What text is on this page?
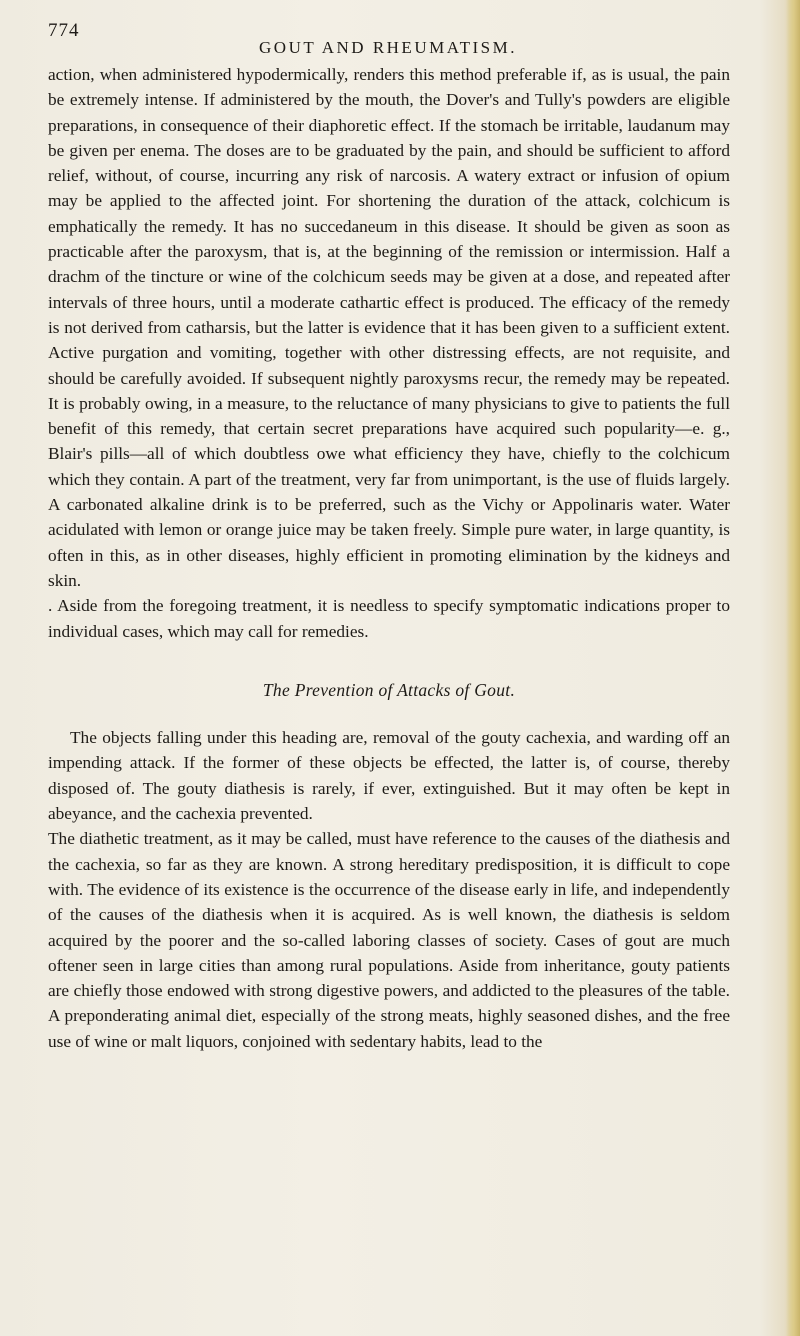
774
GOUT AND RHEUMATISM.

action, when administered hypodermically, renders this method preferable if, as is usual, the pain be extremely intense. If administered by the mouth, the Dover's and Tully's powders are eligible preparations, in consequence of their diaphoretic effect. If the stomach be irritable, laudanum may be given per enema. The doses are to be graduated by the pain, and should be sufficient to afford relief, without, of course, incurring any risk of narcosis. A watery extract or infusion of opium may be applied to the affected joint. For shortening the duration of the attack, colchicum is emphatically the remedy. It has no succedaneum in this disease. It should be given as soon as practicable after the paroxysm, that is, at the beginning of the remission or intermission. Half a drachm of the tincture or wine of the colchicum seeds may be given at a dose, and repeated after intervals of three hours, until a moderate cathartic effect is produced. The efficacy of the remedy is not derived from catharsis, but the latter is evidence that it has been given to a sufficient extent. Active purgation and vomiting, together with other distressing effects, are not requisite, and should be carefully avoided. If subsequent nightly paroxysms recur, the remedy may be repeated. It is probably owing, in a measure, to the reluctance of many physicians to give to patients the full benefit of this remedy, that certain secret preparations have acquired such popularity—e. g., Blair's pills—all of which doubtless owe what efficiency they have, chiefly to the colchicum which they contain. A part of the treatment, very far from unimportant, is the use of fluids largely. A carbonated alkaline drink is to be preferred, such as the Vichy or Appolinaris water. Water acidulated with lemon or orange juice may be taken freely. Simple pure water, in large quantity, is often in this, as in other diseases, highly efficient in promoting elimination by the kidneys and skin.

. Aside from the foregoing treatment, it is needless to specify symptomatic indications proper to individual cases, which may call for remedies.

The Prevention of Attacks of Gout.

The objects falling under this heading are, removal of the gouty cachexia, and warding off an impending attack. If the former of these objects be effected, the latter is, of course, thereby disposed of. The gouty diathesis is rarely, if ever, extinguished. But it may often be kept in abeyance, and the cachexia prevented.

The diathetic treatment, as it may be called, must have reference to the causes of the diathesis and the cachexia, so far as they are known. A strong hereditary predisposition, it is difficult to cope with. The evidence of its existence is the occurrence of the disease early in life, and independently of the causes of the diathesis when it is acquired. As is well known, the diathesis is seldom acquired by the poorer and the so-called laboring classes of society. Cases of gout are much oftener seen in large cities than among rural populations. Aside from inheritance, gouty patients are chiefly those endowed with strong digestive powers, and addicted to the pleasures of the table. A preponderating animal diet, especially of the strong meats, highly seasoned dishes, and the free use of wine or malt liquors, conjoined with sedentary habits, lead to the
